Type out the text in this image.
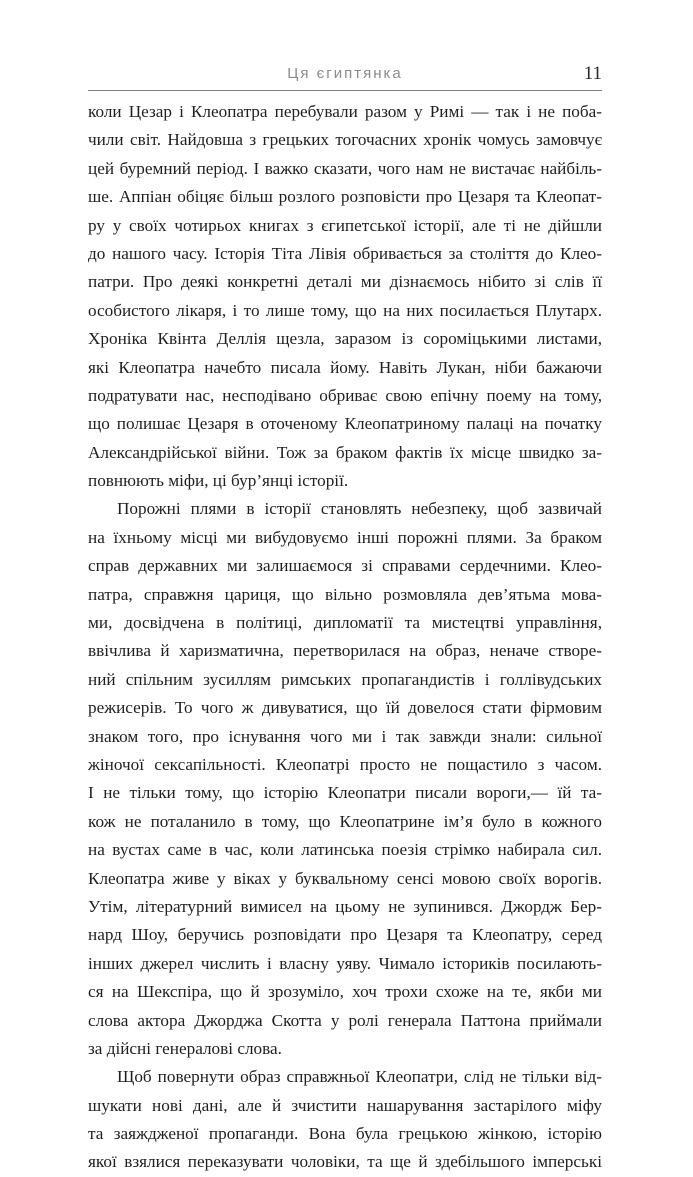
Ця єгиптянка	11
коли Цезар і Клеопатра перебували разом у Римі — так і не поба-
чили світ. Найдовша з грецьких тогочасних хронік чомусь замовчує
цей буремний період. І важко сказати, чого нам не вистачає найбіль-
ше. Аппіан обіцяє більш розлого розповісти про Цезаря та Клеопат-
ру у своїх чотирьох книгах з єгипетської історії, але ті не дійшли
до нашого часу. Історія Тіта Лівія обривається за століття до Клео-
патри. Про деякі конкретні деталі ми дізнаємось нібито зі слів її
особистого лікаря, і то лише тому, що на них посилається Плутарх.
Хроніка Квінта Деллія щезла, заразом із сороміцькими листами,
які Клеопатра начебто писала йому. Навіть Лукан, ніби бажаючи
подратувати нас, несподівано обриває свою епічну поему на тому,
що полишає Цезаря в оточеному Клеопатриному палаці на початку
Александрійської війни. Тож за браком фактів їх місце швидко за-
повнюють міфи, ці бур’янці історії.
Порожні плями в історії становлять небезпеку, щоб зазвичай
на їхньому місці ми вибудовуємо інші порожні плями. За браком
справ державних ми залишаємося зі справами сердечними. Клео-
патра, справжня цариця, що вільно розмовляла дев’ятьма мова-
ми, досвідчена в політиці, дипломатії та мистецтві управління,
ввічлива й харизматична, перетворилася на образ, неначе створе-
ний спільним зусиллям римських пропагандистів і голлівудських
режисерів. То чого ж дивуватися, що їй довелося стати фірмовим
знаком того, про існування чого ми і так завжди знали: сильної
жіночої сексапільності. Клеопатрі просто не пощастило з часом.
І не тільки тому, що історію Клеопатри писали вороги,— їй та-
кож не поталанило в тому, що Клеопатрине ім’я було в кожного
на вустах саме в час, коли латинська поезія стрімко набирала сил.
Клеопатра живе у віках у буквальному сенсі мовою своїх ворогів.
Утім, літературний вимисел на цьому не зупинився. Джордж Бер-
нард Шоу, беручись розповідати про Цезаря та Клеопатру, серед
інших джерел числить і власну уяву. Чимало істориків посилають-
ся на Шекспіра, що й зрозуміло, хоч трохи схоже на те, якби ми
слова актора Джорджа Скотта у ролі генерала Паттона приймали
за дійсні генералові слова.
Щоб повернути образ справжньої Клеопатри, слід не тільки від-
шукати нові дані, але й зчистити нашарування застарілого міфу
та заяждженої пропаганди. Вона була грецькою жінкою, історію
якої взялися переказувати чоловіки, та ще й здебільшого імперські
